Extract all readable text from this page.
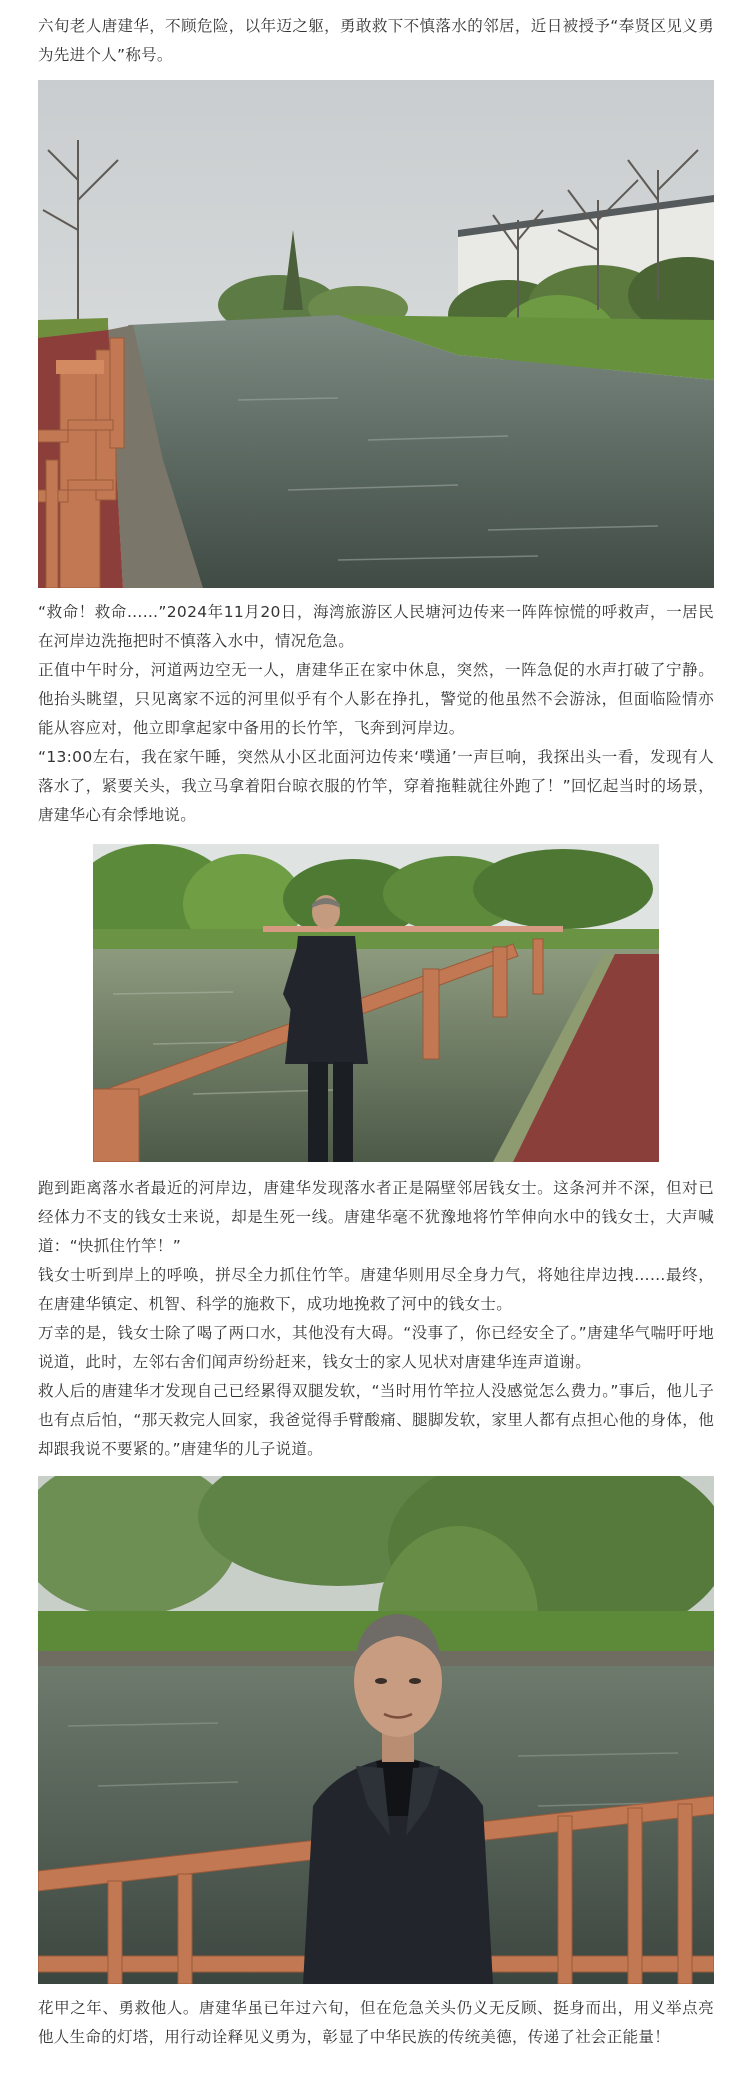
六旬老人唐建华，不顾危险，以年迈之躯，勇敢救下不慎落水的邻居，近日被授予“奉贤区见义勇为先进个人”称号。

“救命！救命……”2024年11月20日，海湾旅游区人民塘河边传来一阵阵惊慌的呼救声，一居民在河岸边洗拖把时不慎落入水中，情况危急。

正值中午时分，河道两边空无一人，唐建华正在家中休息，突然，一阵急促的水声打破了宁静。他抬头眺望，只见离家不远的河里似乎有个人影在挣扎，警觉的他虽然不会游泳，但面临险情亦能从容应对，他立即拿起家中备用的长竹竿，飞奔到河岸边。

“13:00左右，我在家午睡，突然从小区北面河边传来‘噗通’一声巨响，我探出头一看，发现有人落水了，紧要关头，我立马拿着阳台晾衣服的竹竿，穿着拖鞋就往外跑了！”回忆起当时的场景，唐建华心有余悸地说。

跑到距离落水者最近的河岸边，唐建华发现落水者正是隔壁邻居钱女士。这条河并不深，但对已经体力不支的钱女士来说，却是生死一线。唐建华毫不犹豫地将竹竿伸向水中的钱女士，大声喊道：“快抓住竹竿！”

钱女士听到岸上的呼唤，拼尽全力抓住竹竿。唐建华则用尽全身力气，将她往岸边拽……最终，在唐建华镇定、机智、科学的施救下，成功地挽救了河中的钱女士。

万幸的是，钱女士除了喝了两口水，其他没有大碍。“没事了，你已经安全了。”唐建华气喘吁吁地说道，此时，左邻右舍们闻声纷纷赶来，钱女士的家人见状对唐建华连声道谢。

救人后的唐建华才发现自己已经累得双腿发软，“当时用竹竿拉人没感觉怎么费力。”事后，他儿子也有点后怕，“那天救完人回家，我爸觉得手臂酸痛、腿脚发软，家里人都有点担心他的身体，他却跟我说不要紧的。”唐建华的儿子说道。

花甲之年、勇救他人。唐建华虽已年过六旬，但在危急关头仍义无反顾、挺身而出，用义举点亮他人生命的灯塔，用行动诠释见义勇为，彰显了中华民族的传统美德，传递了社会正能量！
